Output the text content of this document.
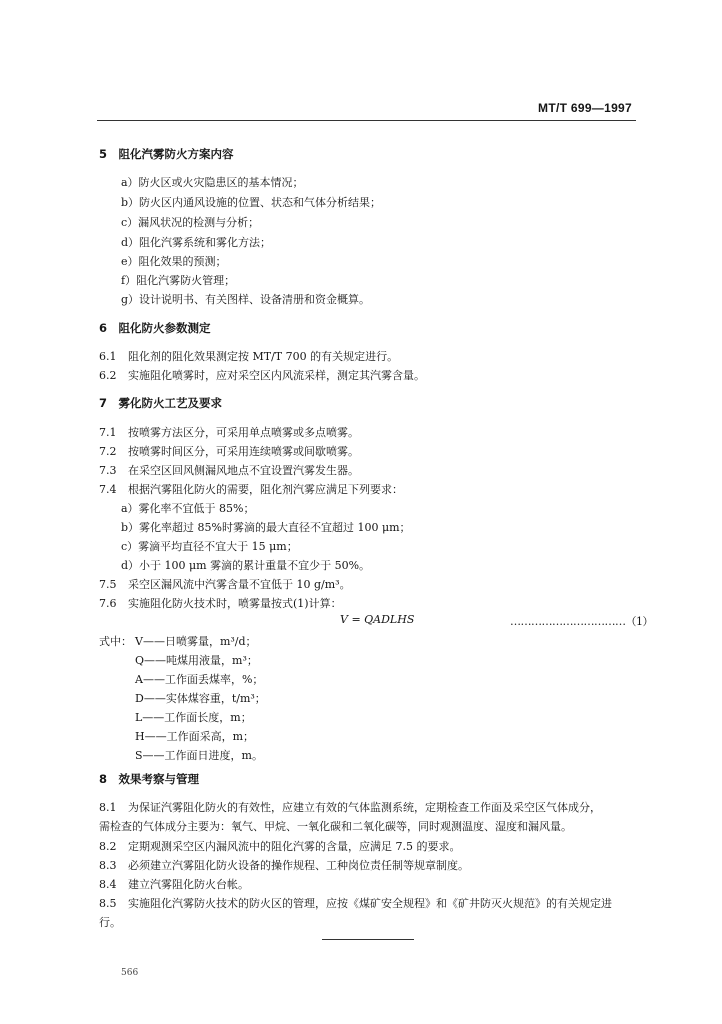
MT/T 699—1997
5　阻化汽雾防火方案内容
a）防火区或火灾隐患区的基本情况；
b）防火区内通风设施的位置、状态和气体分析结果；
c）漏风状况的检测与分析；
d）阻化汽雾系统和雾化方法；
e）阻化效果的预测；
f）阻化汽雾防火管理；
g）设计说明书、有关图样、设备清册和资金概算。
6　阻化防火参数测定
6.1 阻化剂的阻化效果测定按 MT/T 700 的有关规定进行。
6.2 实施阻化喷雾时，应对采空区内风流采样，测定其汽雾含量。
7　雾化防火工艺及要求
7.1 按喷雾方法区分，可采用单点喷雾或多点喷雾。
7.2 按喷雾时间区分，可采用连续喷雾或间歇喷雾。
7.3 在采空区回风侧漏风地点不宜设置汽雾发生器。
7.4 根据汽雾阻化防火的需要，阻化剂汽雾应满足下列要求：
a）雾化率不宜低于 85%；
b）雾化率超过 85%时雾滴的最大直径不宜超过 100 μm；
c）雾滴平均直径不宜大于 15 μm；
d）小于 100 μm 雾滴的累计重量不宜少于 50%。
7.5 采空区漏风流中汽雾含量不宜低于 10 g/m³。
7.6 实施阻化防火技术时，喷雾量按式(1)计算：
V = QADLHS	……………………………（1）
式中： V——日喷雾量，m³/d；
Q——吨煤用液量，m³；
A——工作面丢煤率，%；
D——实体煤容重，t/m³；
L——工作面长度，m；
H——工作面采高，m；
S——工作面日进度，m。
8　效果考察与管理
8.1 为保证汽雾阻化防火的有效性，应建立有效的气体监测系统，定期检查工作面及采空区气体成分，
需检查的气体成分主要为：氧气、甲烷、一氧化碳和二氧化碳等，同时观测温度、湿度和漏风量。
8.2 定期观测采空区内漏风流中的阻化汽雾的含量，应满足 7.5 的要求。
8.3 必须建立汽雾阻化防火设备的操作规程、工种岗位责任制等规章制度。
8.4 建立汽雾阻化防火台帐。
8.5 实施阻化汽雾防火技术的防火区的管理，应按《煤矿安全规程》和《矿井防灭火规范》的有关规定进
行。
566
